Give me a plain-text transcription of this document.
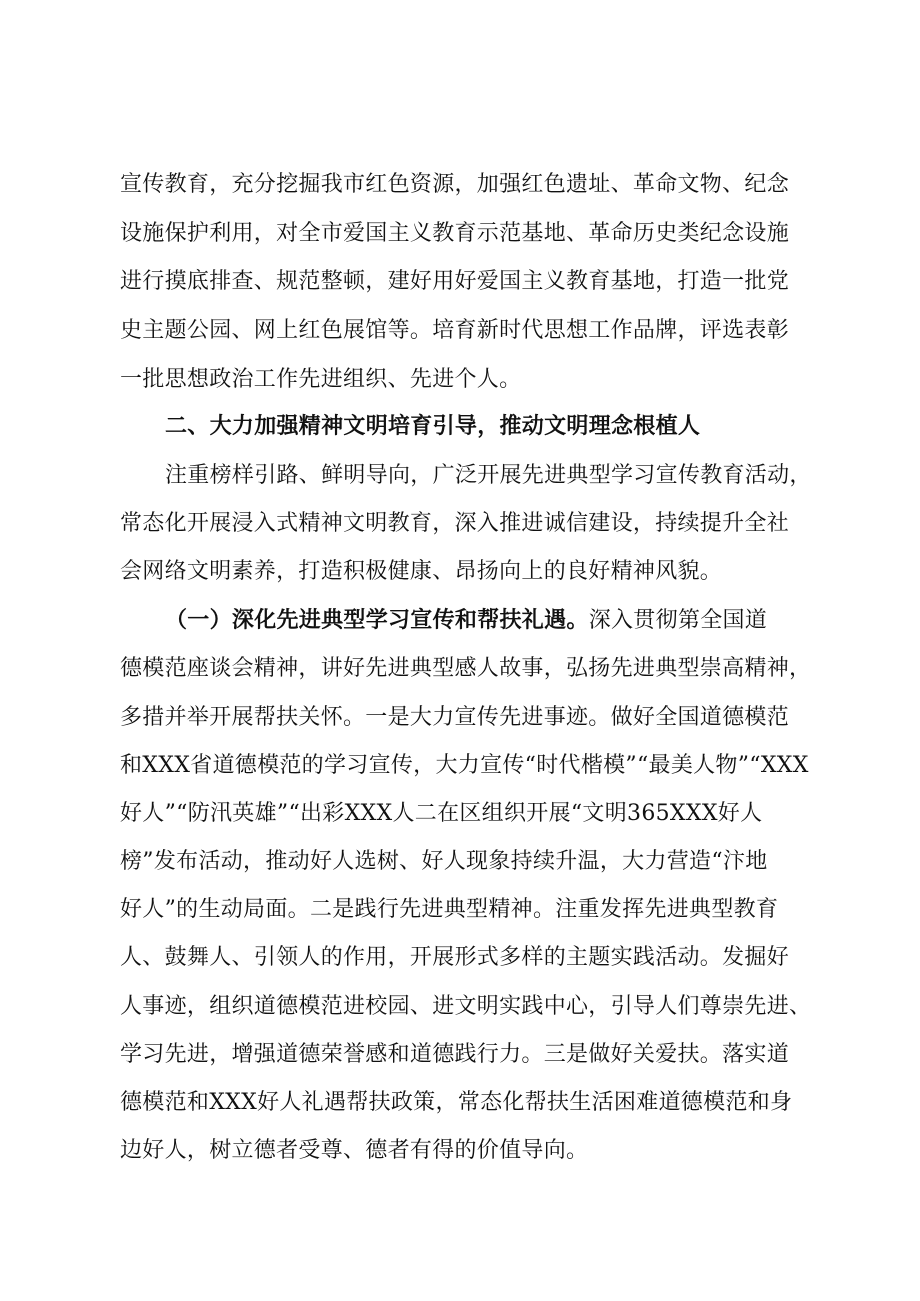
宣传教育，充分挖掘我市红色资源，加强红色遗址、革命文物、纪念
设施保护利用，对全市爱国主义教育示范基地、革命历史类纪念设施
进行摸底排查、规范整顿，建好用好爱国主义教育基地，打造一批党
史主题公园、网上红色展馆等。培育新时代思想工作品牌，评选表彰
一批思想政治工作先进组织、先进个人。
二、大力加强精神文明培育引导，推动文明理念根植人
注重榜样引路、鲜明导向，广泛开展先进典型学习宣传教育活动，
常态化开展浸入式精神文明教育，深入推进诚信建设，持续提升全社
会网络文明素养，打造积极健康、昂扬向上的良好精神风貌。
（一）深化先进典型学习宣传和帮扶礼遇。深入贯彻第全国道
德模范座谈会精神，讲好先进典型感人故事，弘扬先进典型崇高精神，
多措并举开展帮扶关怀。一是大力宣传先进事迹。做好全国道德模范
和XXX省道德模范的学习宣传，大力宣传“时代楷模”“最美人物”“XXX
好人”“防汛英雄”“出彩XXX人二在区组织开展“文明365XXX好人
榜”发布活动，推动好人选树、好人现象持续升温，大力营造“汴地
好人”的生动局面。二是践行先进典型精神。注重发挥先进典型教育
人、鼓舞人、引领人的作用，开展形式多样的主题实践活动。发掘好
人事迹，组织道德模范进校园、进文明实践中心，引导人们尊崇先进、
学习先进，增强道德荣誉感和道德践行力。三是做好关爱扶。落实道
德模范和XXX好人礼遇帮扶政策，常态化帮扶生活困难道德模范和身
边好人，树立德者受尊、德者有得的价值导向。
